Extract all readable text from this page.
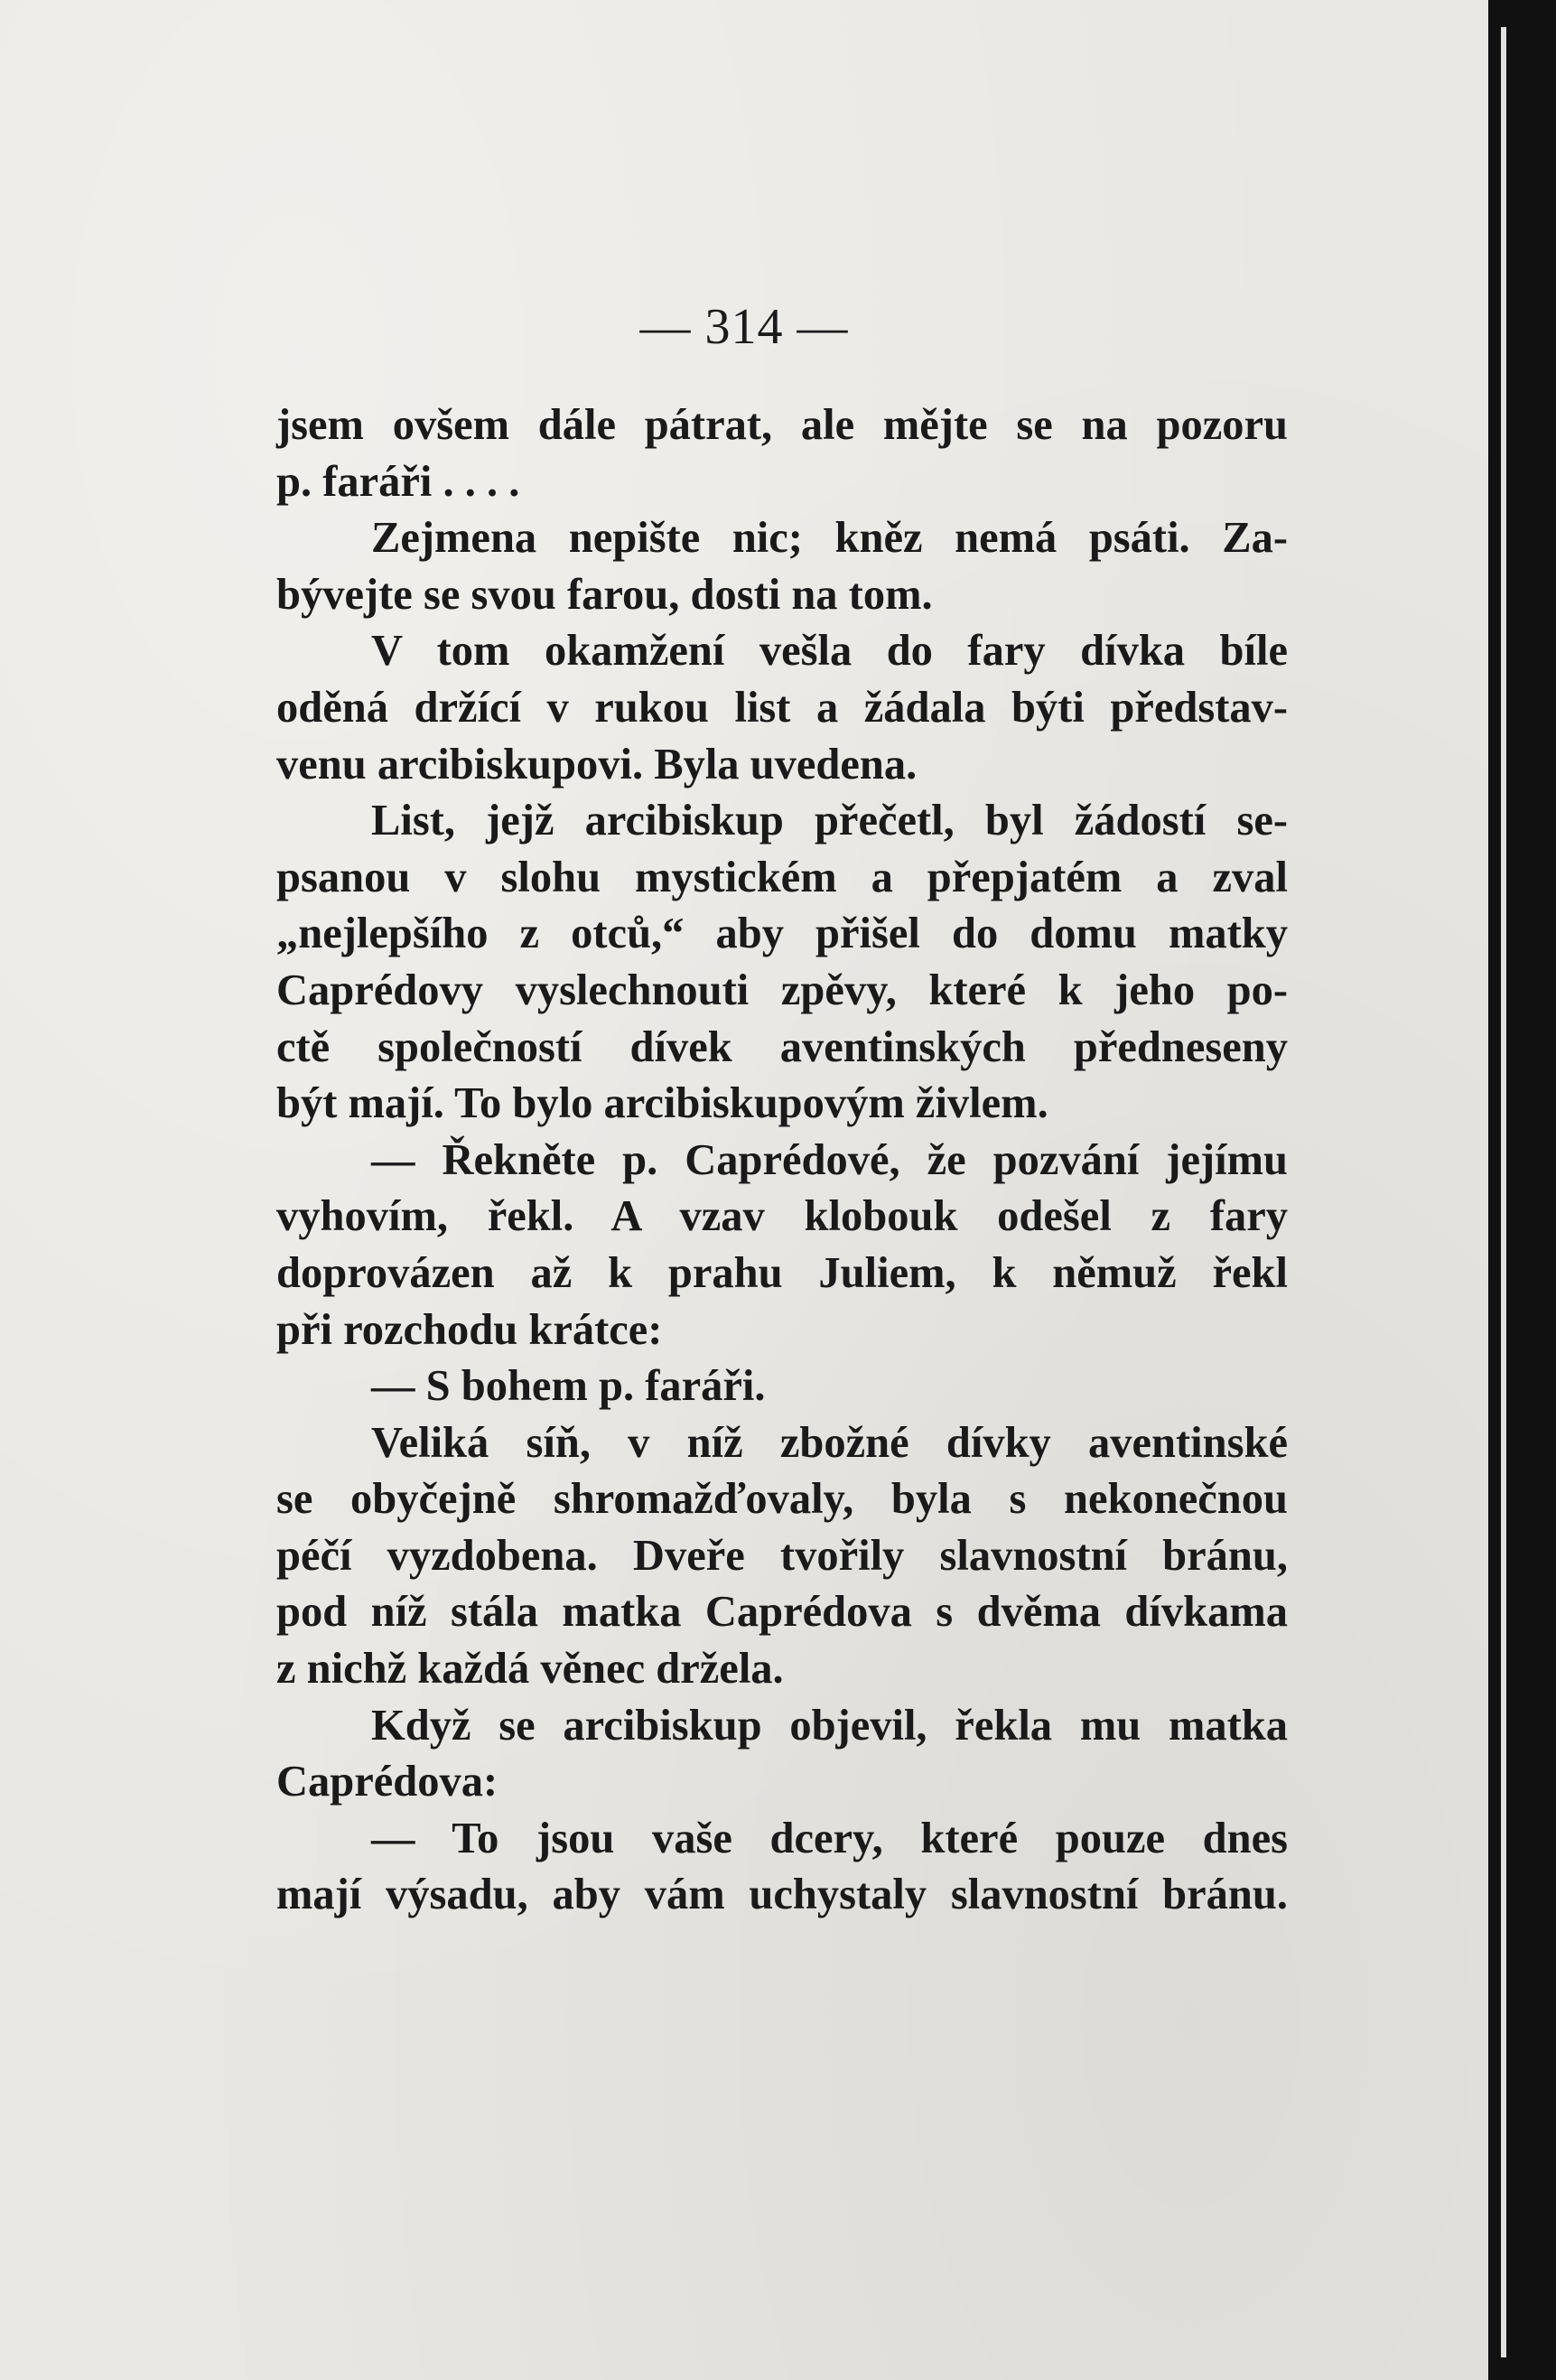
— 314 —
jsem ovšem dále pátrat, ale mějte se na pozoru
p. faráři . . . .
Zejmena nepište nic; kněz nemá psáti. Za-
bývejte se svou farou, dosti na tom.
V tom okamžení vešla do fary dívka bíle
oděná držící v rukou list a žádala býti představ-
venu arcibiskupovi. Byla uvedena.
List, jejž arcibiskup přečetl, byl žádostí se-
psanou v slohu mystickém a přepjatém a zval
„nejlepšího z otců,“ aby přišel do domu matky
Caprédovy vyslechnouti zpěvy, které k jeho po-
ctě společností dívek aventinských předneseny
být mají. To bylo arcibiskupovým živlem.
— Řekněte p. Caprédové, že pozvání jejímu
vyhovím, řekl. A vzav klobouk odešel z fary
doprovázen až k prahu Juliem, k němuž řekl
při rozchodu krátce:
— S bohem p. faráři.
Veliká síň, v níž zbožné dívky aventinské
se obyčejně shromažďovaly, byla s nekonečnou
péčí vyzdobena. Dveře tvořily slavnostní bránu,
pod níž stála matka Caprédova s dvěma dívkama
z nichž každá věnec držela.
Když se arcibiskup objevil, řekla mu matka
Caprédova:
— To jsou vaše dcery, které pouze dnes
mají výsadu, aby vám uchystaly slavnostní bránu.
